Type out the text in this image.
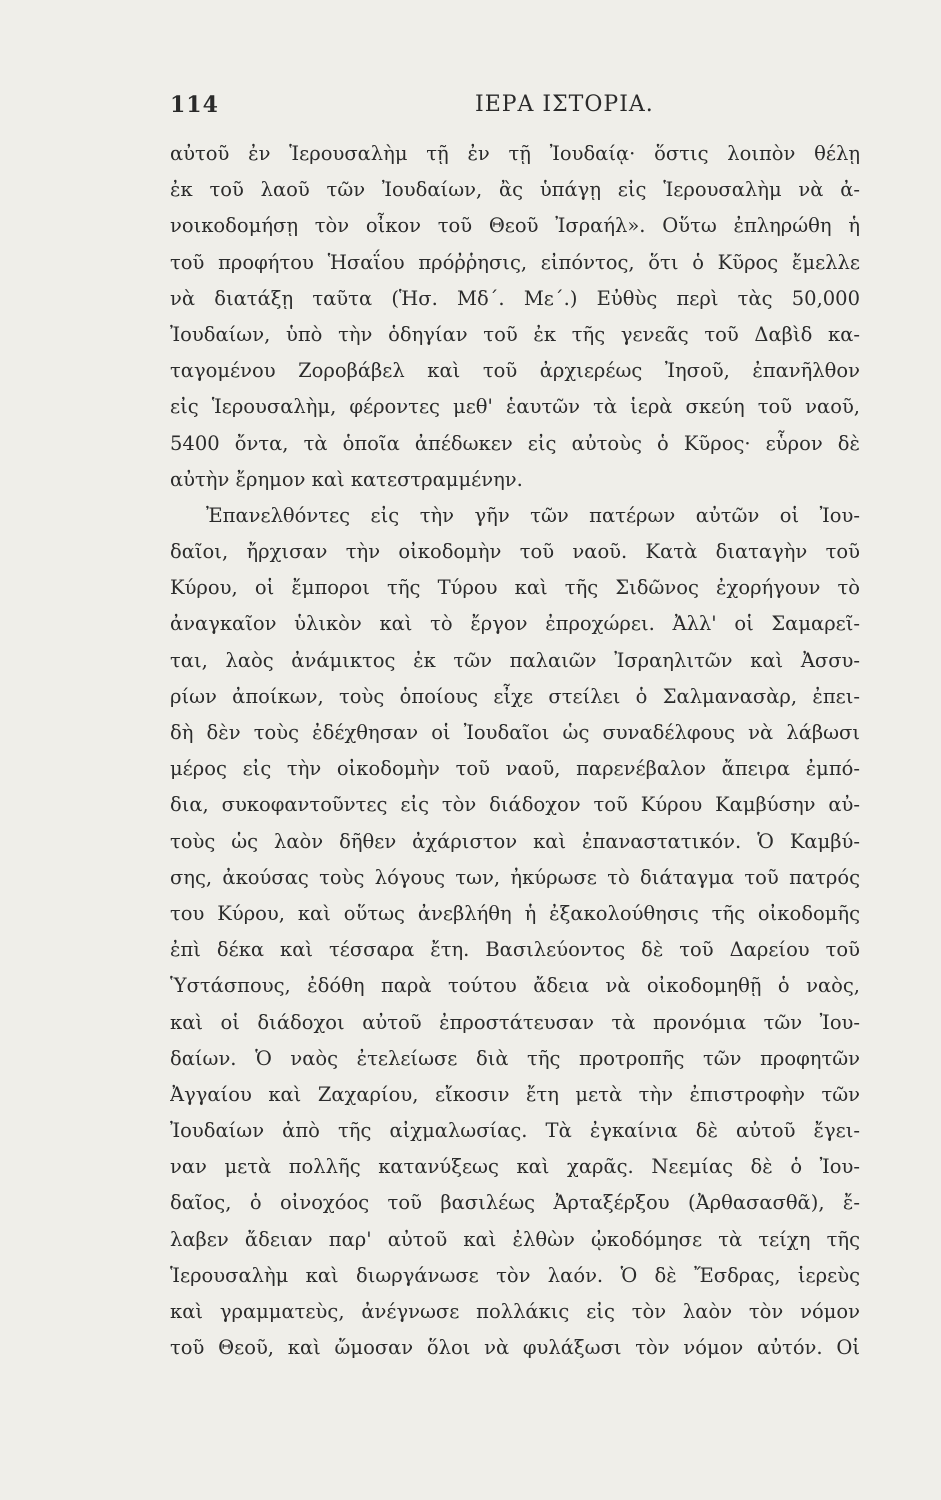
114	ΙΕΡΑ ΙΣΤΟΡΙΑ.
αὐτοῦ ἐν Ἱερουσαλὴμ τῇ ἐν τῇ Ἰουδαίᾳ· ὅστις λοιπὸν θέλῃ
ἐκ τοῦ λαοῦ τῶν Ἰουδαίων, ἂς ὑπάγῃ εἰς Ἱερουσαλὴμ νὰ ἀ-
νοικοδομήσῃ τὸν οἶκον τοῦ Θεοῦ Ἰσραήλ». Οὕτω ἐπληρώθη ἡ
τοῦ προφήτου Ἡσαΐου πρόῤῥησις, εἰπόντος, ὅτι ὁ Κῦρος ἔμελλε
νὰ διατάξῃ ταῦτα (Ἡσ. Μδ΄. Με΄.) Εὐθὺς περὶ τὰς 50,000
Ἰουδαίων, ὑπὸ τὴν ὁδηγίαν τοῦ ἐκ τῆς γενεᾶς τοῦ Δαβὶδ κα-
ταγομένου Ζοροβάβελ καὶ τοῦ ἀρχιερέως Ἰησοῦ, ἐπανῆλθον
εἰς Ἱερουσαλὴμ, φέροντες μεθ' ἑαυτῶν τὰ ἱερὰ σκεύη τοῦ ναοῦ,
5400 ὄντα, τὰ ὁποῖα ἀπέδωκεν εἰς αὐτοὺς ὁ Κῦρος· εὗρον δὲ
αὐτὴν ἔρημον καὶ κατεστραμμένην.
Ἐπανελθόντες εἰς τὴν γῆν τῶν πατέρων αὐτῶν οἱ Ἰου-
δαῖοι, ἤρχισαν τὴν οἰκοδομὴν τοῦ ναοῦ. Κατὰ διαταγὴν τοῦ
Κύρου, οἱ ἔμποροι τῆς Τύρου καὶ τῆς Σιδῶνος ἐχορήγουν τὸ
ἀναγκαῖον ὑλικὸν καὶ τὸ ἔργον ἐπροχώρει. Ἀλλ' οἱ Σαμαρεῖ-
ται, λαὸς ἀνάμικτος ἐκ τῶν παλαιῶν Ἰσραηλιτῶν καὶ Ἀσσυ-
ρίων ἀποίκων, τοὺς ὁποίους εἶχε στείλει ὁ Σαλμανασὰρ, ἐπει-
δὴ δὲν τοὺς ἐδέχθησαν οἱ Ἰουδαῖοι ὡς συναδέλφους νὰ λάβωσι
μέρος εἰς τὴν οἰκοδομὴν τοῦ ναοῦ, παρενέβαλον ἄπειρα ἐμπό-
δια, συκοφαντοῦντες εἰς τὸν διάδοχον τοῦ Κύρου Καμβύσην αὐ-
τοὺς ὡς λαὸν δῆθεν ἀχάριστον καὶ ἐπαναστατικόν. Ὁ Καμβύ-
σης, ἀκούσας τοὺς λόγους των, ἠκύρωσε τὸ διάταγμα τοῦ πατρός
του Κύρου, καὶ οὕτως ἀνεβλήθη ἡ ἐξακολούθησις τῆς οἰκοδομῆς
ἐπὶ δέκα καὶ τέσσαρα ἔτη. Βασιλεύοντος δὲ τοῦ Δαρείου τοῦ
Ὑστάσπους, ἐδόθη παρὰ τούτου ἄδεια νὰ οἰκοδομηθῇ ὁ ναὸς,
καὶ οἱ διάδοχοι αὐτοῦ ἐπροστάτευσαν τὰ προνόμια τῶν Ἰου-
δαίων. Ὁ ναὸς ἐτελείωσε διὰ τῆς προτροπῆς τῶν προφητῶν
Ἀγγαίου καὶ Ζαχαρίου, εἴκοσιν ἔτη μετὰ τὴν ἐπιστροφὴν τῶν
Ἰουδαίων ἀπὸ τῆς αἰχμαλωσίας. Τὰ ἐγκαίνια δὲ αὐτοῦ ἔγει-
ναν μετὰ πολλῆς κατανύξεως καὶ χαρᾶς. Νεεμίας δὲ ὁ Ἰου-
δαῖος, ὁ οἰνοχόος τοῦ βασιλέως Ἀρταξέρξου (Ἀρθασασθᾶ), ἔ-
λαβεν ἄδειαν παρ' αὐτοῦ καὶ ἐλθὼν ᾠκοδόμησε τὰ τείχη τῆς
Ἱερουσαλὴμ καὶ διωργάνωσε τὸν λαόν. Ὁ δὲ Ἔσδρας, ἱερεὺς
καὶ γραμματεὺς, ἀνέγνωσε πολλάκις εἰς τὸν λαὸν τὸν νόμον
τοῦ Θεοῦ, καὶ ὤμοσαν ὅλοι νὰ φυλάξωσι τὸν νόμον αὐτόν. Οἱ
